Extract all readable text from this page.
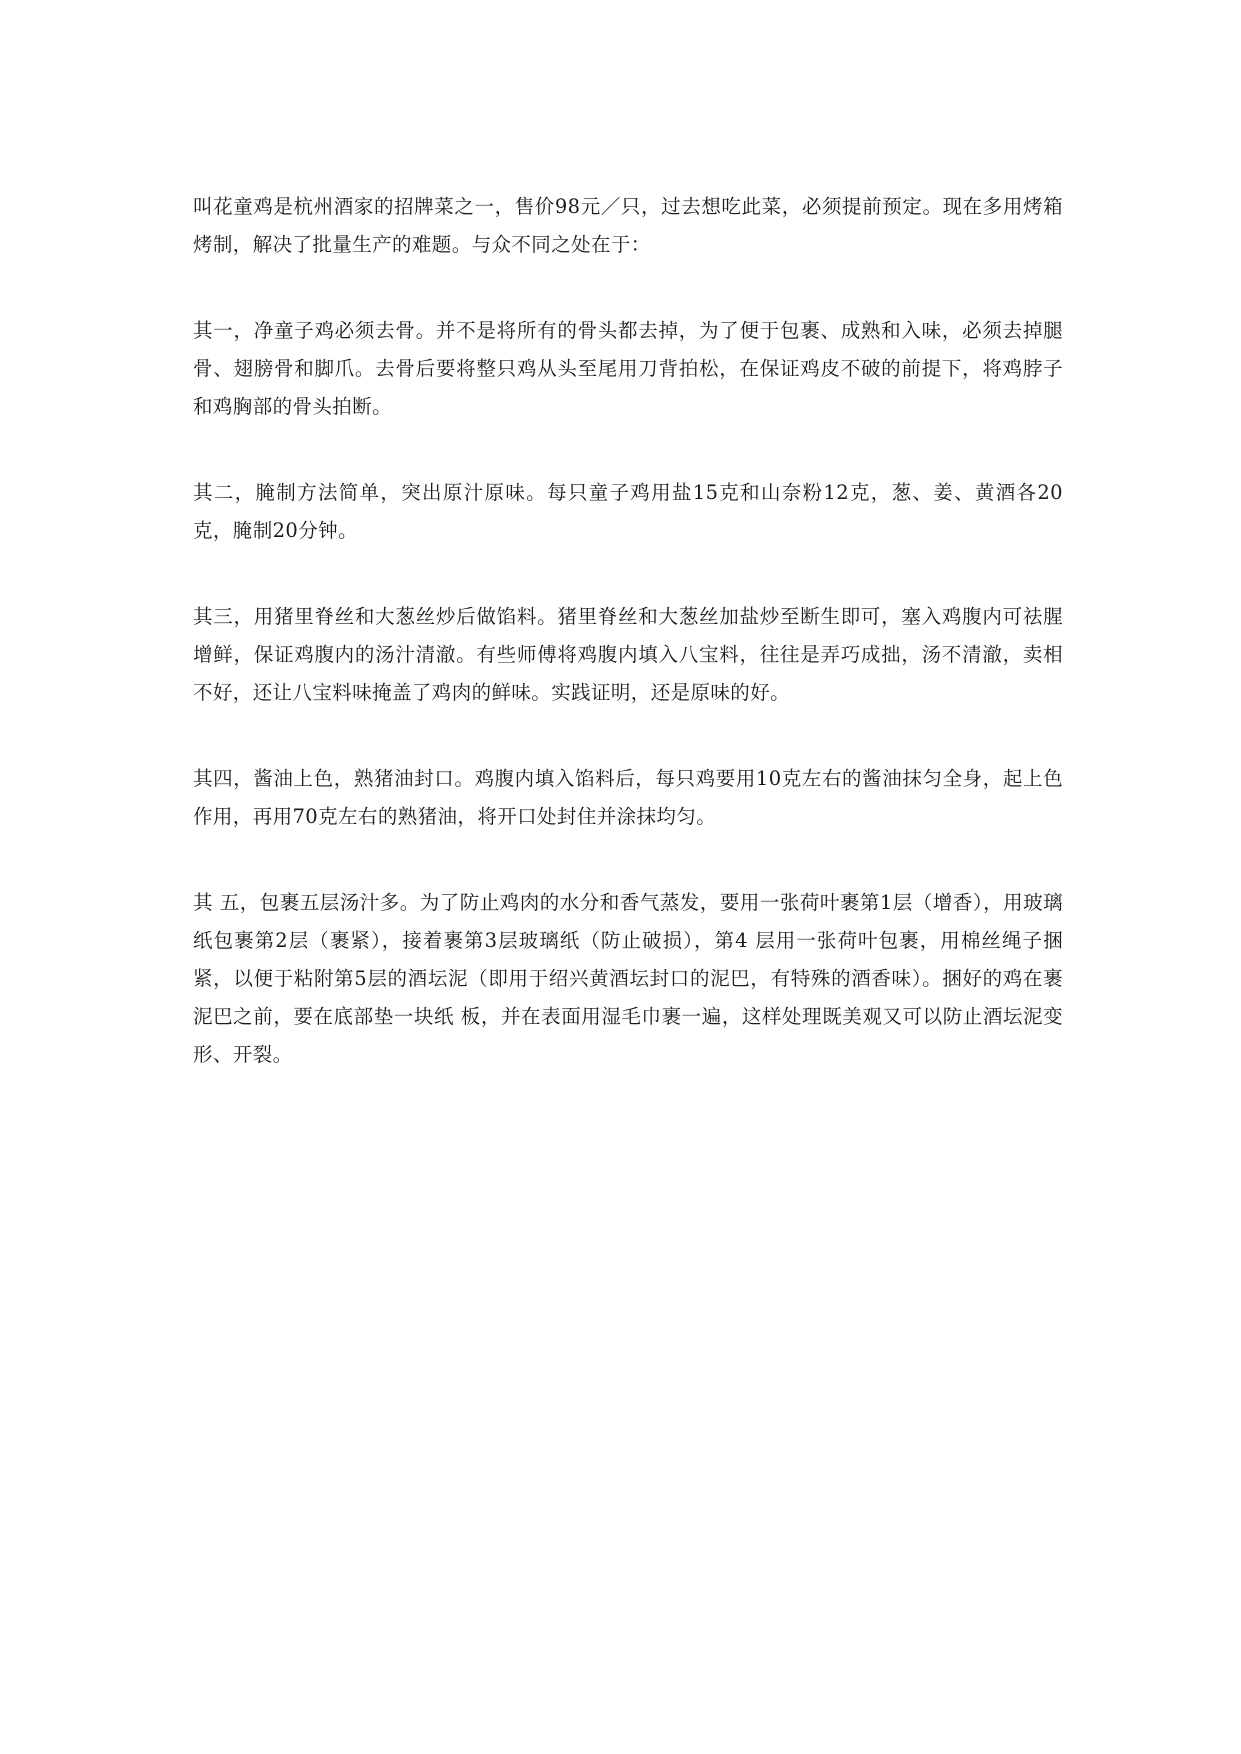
叫花童鸡是杭州酒家的招牌菜之一，售价98元／只，过去想吃此菜，必须提前预定。现在多用烤箱烤制，解决了批量生产的难题。与众不同之处在于：

其一，净童子鸡必须去骨。并不是将所有的骨头都去掉，为了便于包裹、成熟和入味，必须去掉腿骨、翅膀骨和脚爪。去骨后要将整只鸡从头至尾用刀背拍松，在保证鸡皮不破的前提下，将鸡脖子和鸡胸部的骨头拍断。

其二，腌制方法简单，突出原汁原味。每只童子鸡用盐15克和山奈粉12克，葱、姜、黄酒各20克，腌制20分钟。

其三，用猪里脊丝和大葱丝炒后做馅料。猪里脊丝和大葱丝加盐炒至断生即可，塞入鸡腹内可祛腥增鲜，保证鸡腹内的汤汁清澈。有些师傅将鸡腹内填入八宝料，往往是弄巧成拙，汤不清澈，卖相不好，还让八宝料味掩盖了鸡肉的鲜味。实践证明，还是原味的好。

其四，酱油上色，熟猪油封口。鸡腹内填入馅料后，每只鸡要用10克左右的酱油抹匀全身，起上色作用，再用70克左右的熟猪油，将开口处封住并涂抹均匀。

其 五，包裹五层汤汁多。为了防止鸡肉的水分和香气蒸发，要用一张荷叶裹第1层（增香），用玻璃纸包裹第2层（裹紧），接着裹第3层玻璃纸（防止破损），第4 层用一张荷叶包裹，用棉丝绳子捆紧，以便于粘附第5层的酒坛泥（即用于绍兴黄酒坛封口的泥巴，有特殊的酒香味）。捆好的鸡在裹泥巴之前，要在底部垫一块纸 板，并在表面用湿毛巾裹一遍，这样处理既美观又可以防止酒坛泥变形、开裂。
